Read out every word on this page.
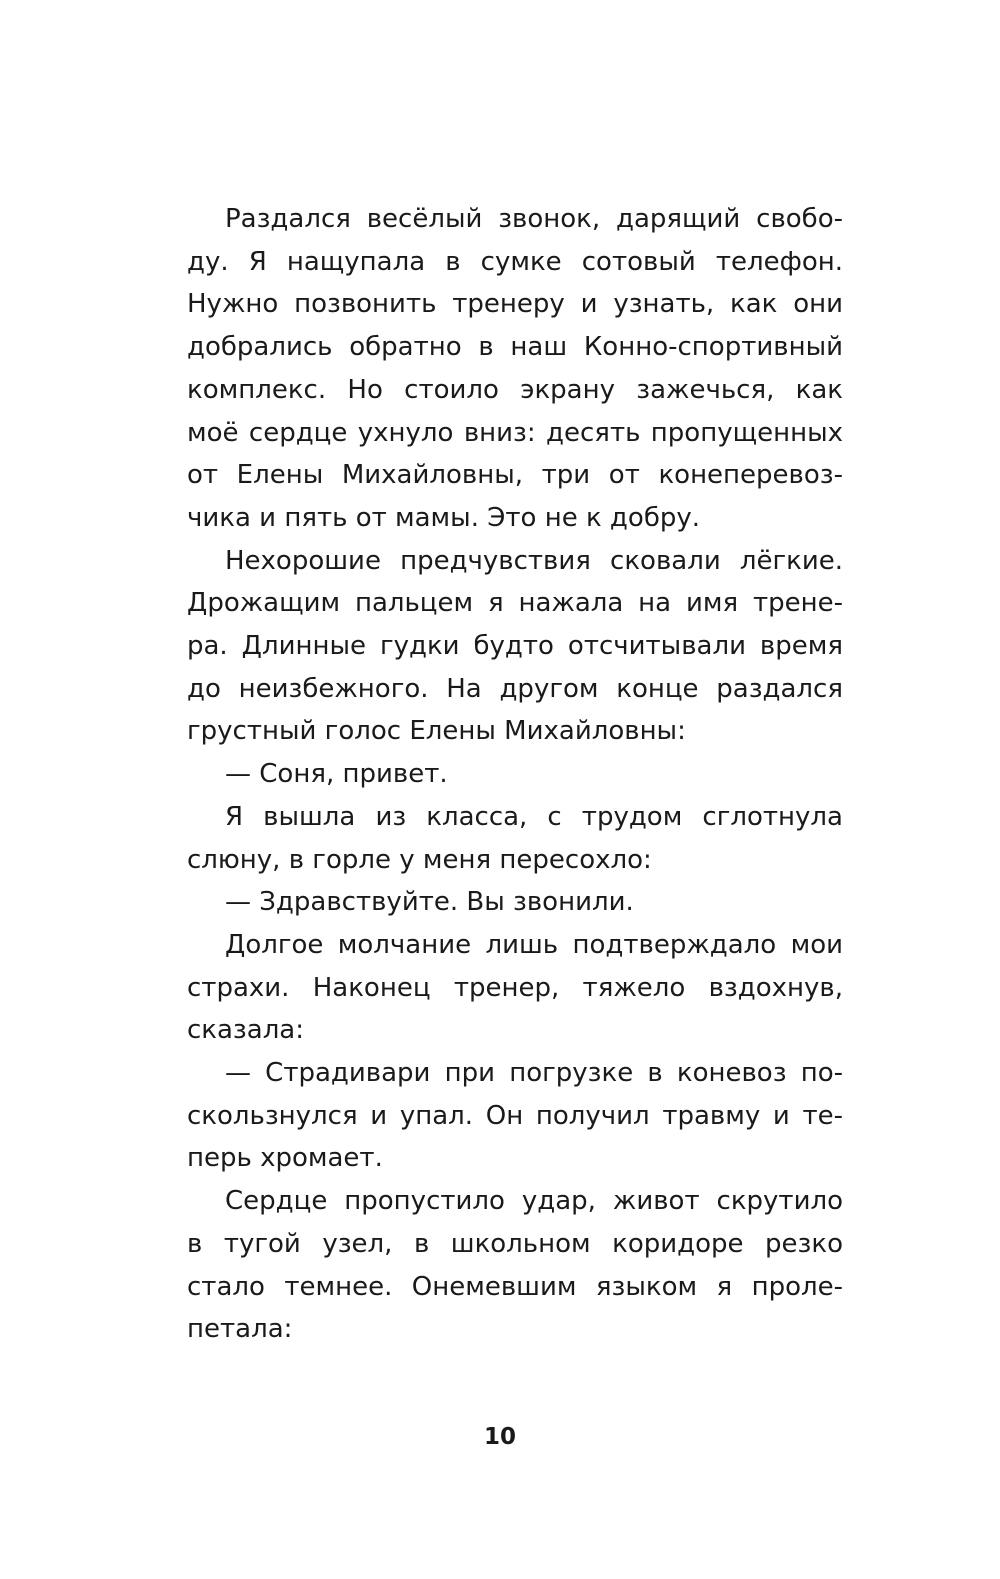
Раздался весёлый звонок, дарящий свобо-
ду. Я нащупала в сумке сотовый телефон.
Нужно позвонить тренеру и узнать, как они
добрались обратно в наш Конно-спортивный
комплекс. Но стоило экрану зажечься, как
моё сердце ухнуло вниз: десять пропущенных
от Елены Михайловны, три от конеперевоз-
чика и пять от мамы. Это не к добру.

Нехорошие предчувствия сковали лёгкие.
Дрожащим пальцем я нажала на имя трене-
ра. Длинные гудки будто отсчитывали время
до неизбежного. На другом конце раздался
грустный голос Елены Михайловны:

— Соня, привет.

Я вышла из класса, с трудом сглотнула
слюну, в горле у меня пересохло:

— Здравствуйте. Вы звонили.

Долгое молчание лишь подтверждало мои
страхи. Наконец тренер, тяжело вздохнув,
сказала:

— Страдивари при погрузке в коневоз по-
скользнулся и упал. Он получил травму и те-
перь хромает.

Сердце пропустило удар, живот скрутило
в тугой узел, в школьном коридоре резко
стало темнее. Онемевшим языком я проле-
петала:

10
